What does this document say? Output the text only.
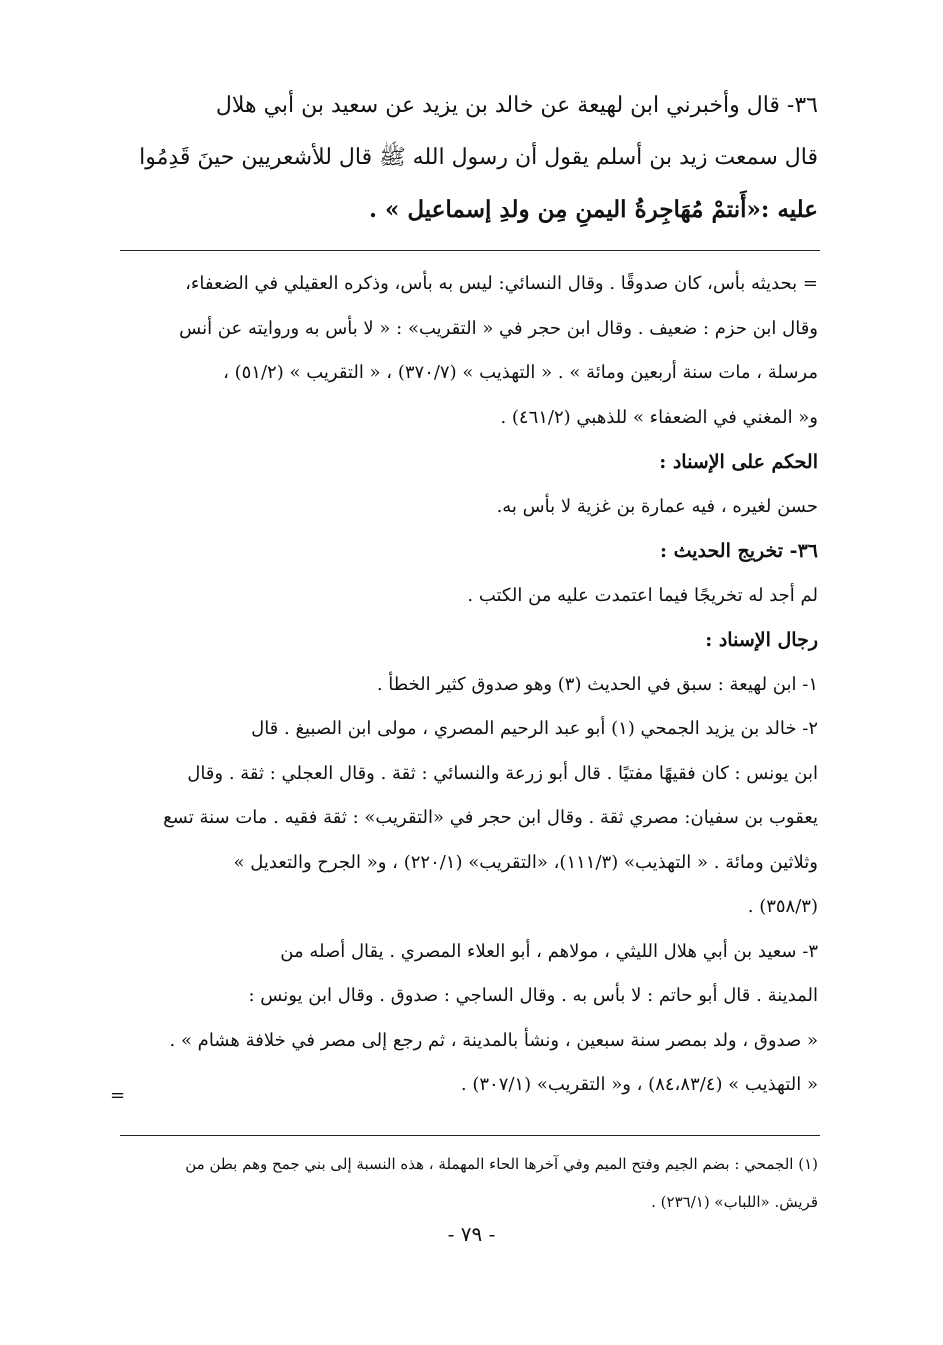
٣٦- قال وأخبرني ابن لهيعة عن خالد بن يزيد عن سعيد بن أبي هلال
قال سمعت زيد بن أسلم يقول أن رسول الله ﷺ قال للأشعريين حينَ قَدِمُوا
عليه :«أَنتمْ مُهَاجِرةُ اليمنِ مِن ولدِ إسماعيل » .
= بحديثه بأس، كان صدوقًا . وقال النسائي: ليس به بأس، وذكره العقيلي في الضعفاء،
وقال ابن حزم : ضعيف . وقال ابن حجر في « التقريب» : « لا بأس به وروايته عن أنس
مرسلة ، مات سنة أربعين ومائة » . « التهذيب » (٣٧٠/٧) ، « التقريب » (٥١/٢) ،
و« المغني في الضعفاء » للذهبي (٤٦١/٢) .
الحكم على الإسناد :
حسن لغيره ، فيه عمارة بن غزية لا بأس به.
٣٦- تخريج الحديث :
لم أجد له تخريجًا فيما اعتمدت عليه من الكتب .
رجال الإسناد :
١- ابن لهيعة : سبق في الحديث (٣) وهو صدوق كثير الخطأ .
٢- خالد بن يزيد الجمحي (١) أبو عبد الرحيم المصري ، مولى ابن الصبيغ . قال
ابن يونس : كان فقيهًا مفتيًا . قال أبو زرعة والنسائي : ثقة . وقال العجلي : ثقة . وقال
يعقوب بن سفيان: مصري ثقة . وقال ابن حجر في «التقريب» : ثقة فقيه . مات سنة تسع
وثلاثين ومائة . « التهذيب» (١١١/٣)، «التقريب» (٢٢٠/١) ، و« الجرح والتعديل »
(٣٥٨/٣) .
٣- سعيد بن أبي هلال الليثي ، مولاهم ، أبو العلاء المصري . يقال أصله من
المدينة . قال أبو حاتم : لا بأس به . وقال الساجي : صدوق . وقال ابن يونس :
« صدوق ، ولد بمصر سنة سبعين ، ونشأ بالمدينة ، ثم رجع إلى مصر في خلافة هشام » .
« التهذيب » (٨٤،٨٣/٤) ، و« التقريب» (٣٠٧/١) .
=
(١) الجمحي : بضم الجيم وفتح الميم وفي آخرها الحاء المهملة ، هذه النسبة إلى بني جمح وهم بطن من
قريش. «اللباب» (٢٣٦/١) .
- ٧٩ -
